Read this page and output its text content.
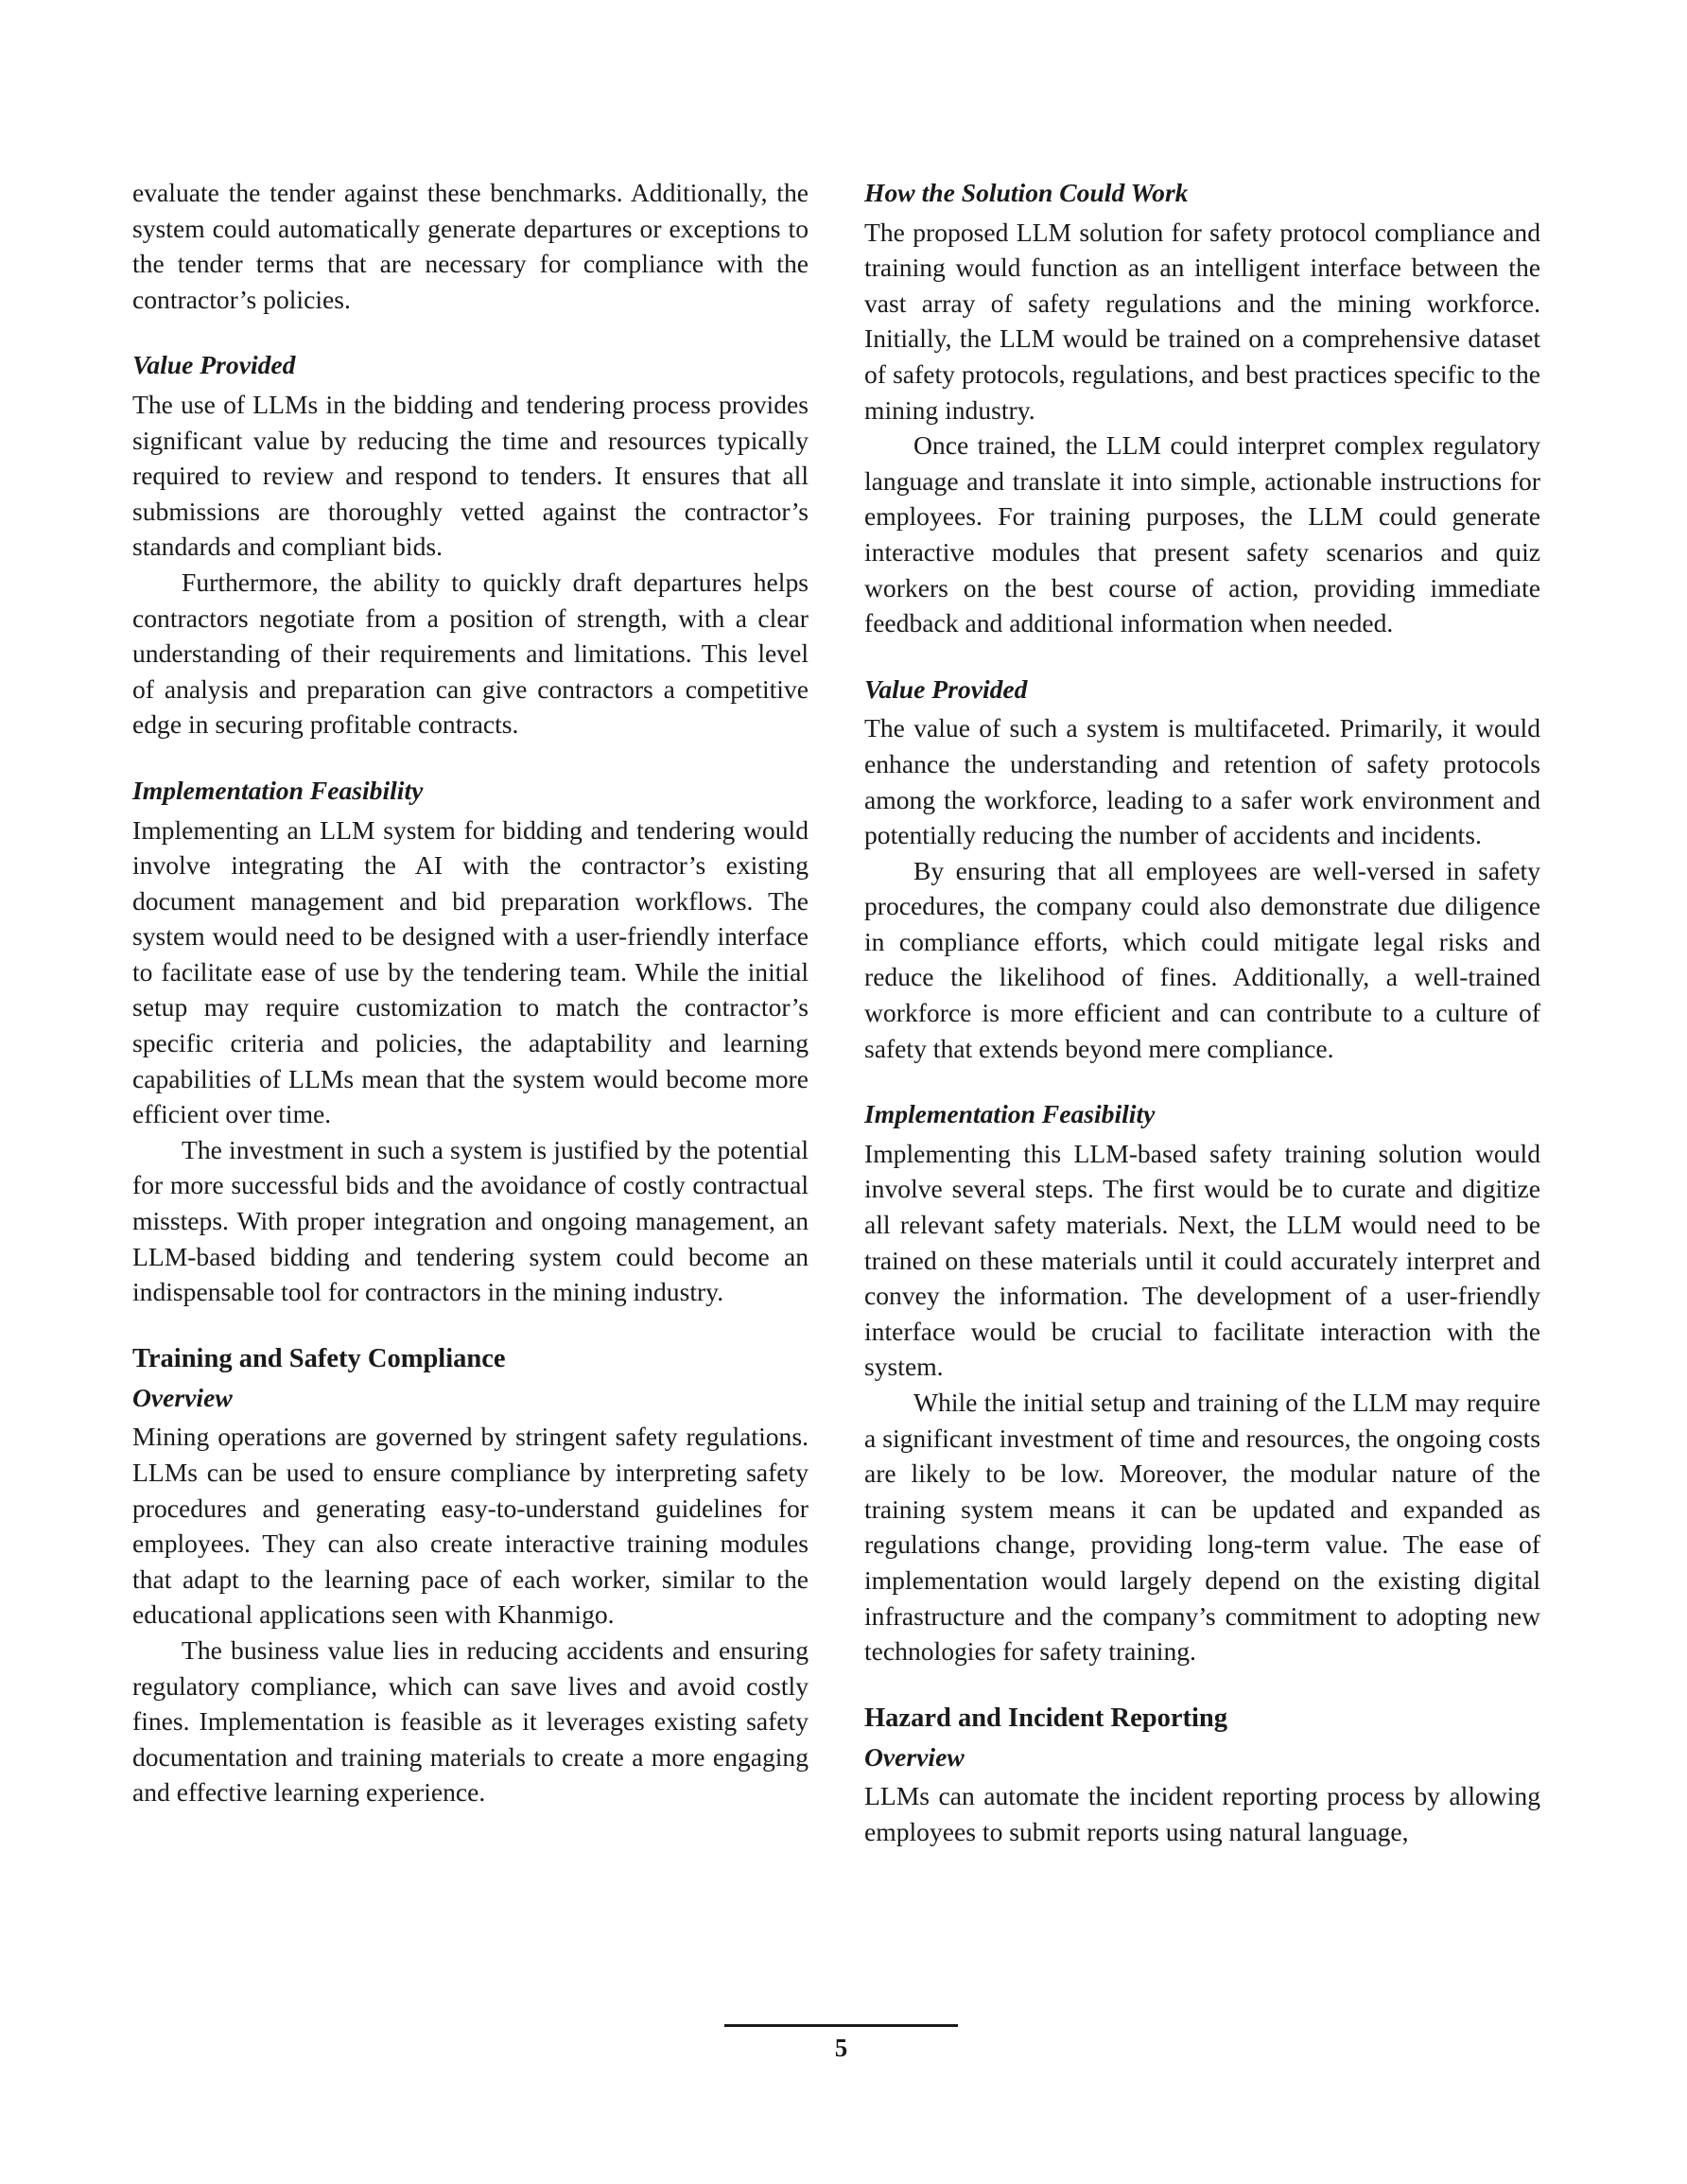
evaluate the tender against these benchmarks. Additionally, the system could automatically generate departures or exceptions to the tender terms that are necessary for compliance with the contractor’s policies.

Value Provided

The use of LLMs in the bidding and tendering process provides significant value by reducing the time and resources typically required to review and respond to tenders. It ensures that all submissions are thoroughly vetted against the contractor’s standards and compliant bids.

Furthermore, the ability to quickly draft departures helps contractors negotiate from a position of strength, with a clear understanding of their requirements and limitations. This level of analysis and preparation can give contractors a competitive edge in securing profitable contracts.

Implementation Feasibility

Implementing an LLM system for bidding and tendering would involve integrating the AI with the contractor’s existing document management and bid preparation workflows. The system would need to be designed with a user-friendly interface to facilitate ease of use by the tendering team. While the initial setup may require customization to match the contractor’s specific criteria and policies, the adaptability and learning capabilities of LLMs mean that the system would become more efficient over time.

The investment in such a system is justified by the potential for more successful bids and the avoidance of costly contractual missteps. With proper integration and ongoing management, an LLM-based bidding and tendering system could become an indispensable tool for contractors in the mining industry.

Training and Safety Compliance
Overview

Mining operations are governed by stringent safety regulations. LLMs can be used to ensure compliance by interpreting safety procedures and generating easy-to-understand guidelines for employees. They can also create interactive training modules that adapt to the learning pace of each worker, similar to the educational applications seen with Khanmigo.

The business value lies in reducing accidents and ensuring regulatory compliance, which can save lives and avoid costly fines. Implementation is feasible as it leverages existing safety documentation and training materials to create a more engaging and effective learning experience.

How the Solution Could Work

The proposed LLM solution for safety protocol compliance and training would function as an intelligent interface between the vast array of safety regulations and the mining workforce. Initially, the LLM would be trained on a comprehensive dataset of safety protocols, regulations, and best practices specific to the mining industry.

Once trained, the LLM could interpret complex regulatory language and translate it into simple, actionable instructions for employees. For training purposes, the LLM could generate interactive modules that present safety scenarios and quiz workers on the best course of action, providing immediate feedback and additional information when needed.

Value Provided

The value of such a system is multifaceted. Primarily, it would enhance the understanding and retention of safety protocols among the workforce, leading to a safer work environment and potentially reducing the number of accidents and incidents.

By ensuring that all employees are well-versed in safety procedures, the company could also demonstrate due diligence in compliance efforts, which could mitigate legal risks and reduce the likelihood of fines. Additionally, a well-trained workforce is more efficient and can contribute to a culture of safety that extends beyond mere compliance.

Implementation Feasibility

Implementing this LLM-based safety training solution would involve several steps. The first would be to curate and digitize all relevant safety materials. Next, the LLM would need to be trained on these materials until it could accurately interpret and convey the information. The development of a user-friendly interface would be crucial to facilitate interaction with the system.

While the initial setup and training of the LLM may require a significant investment of time and resources, the ongoing costs are likely to be low. Moreover, the modular nature of the training system means it can be updated and expanded as regulations change, providing long-term value. The ease of implementation would largely depend on the existing digital infrastructure and the company’s commitment to adopting new technologies for safety training.

Hazard and Incident Reporting
Overview

LLMs can automate the incident reporting process by allowing employees to submit reports using natural language,

5
